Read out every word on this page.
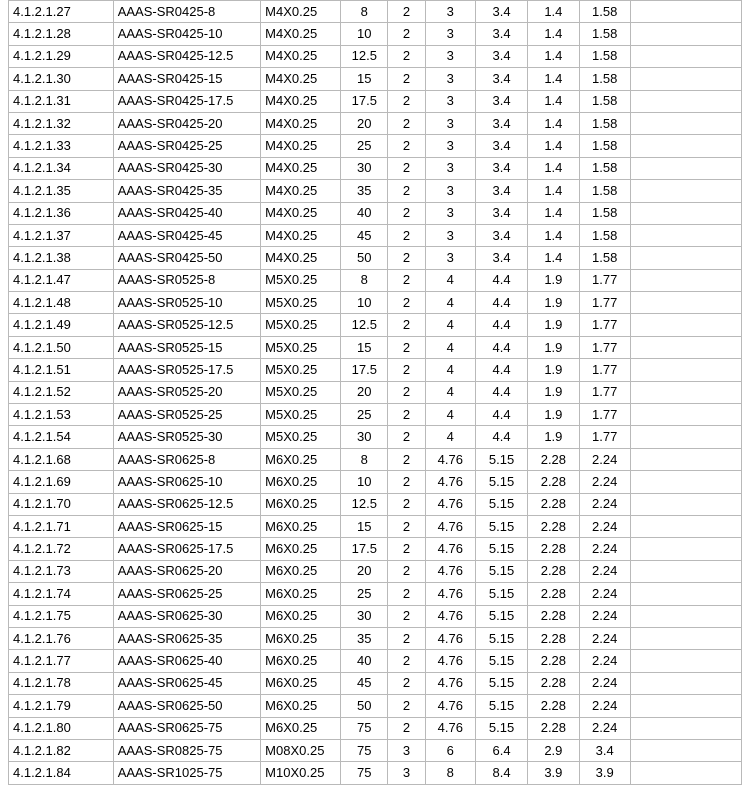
4.1.2.1.27	AAAS-SR0425-8	M4X0.25	8	2	3	3.4	1.4	1.58	
4.1.2.1.28	AAAS-SR0425-10	M4X0.25	10	2	3	3.4	1.4	1.58	
4.1.2.1.29	AAAS-SR0425-12.5	M4X0.25	12.5	2	3	3.4	1.4	1.58	
4.1.2.1.30	AAAS-SR0425-15	M4X0.25	15	2	3	3.4	1.4	1.58	
4.1.2.1.31	AAAS-SR0425-17.5	M4X0.25	17.5	2	3	3.4	1.4	1.58	
4.1.2.1.32	AAAS-SR0425-20	M4X0.25	20	2	3	3.4	1.4	1.58	
4.1.2.1.33	AAAS-SR0425-25	M4X0.25	25	2	3	3.4	1.4	1.58	
4.1.2.1.34	AAAS-SR0425-30	M4X0.25	30	2	3	3.4	1.4	1.58	
4.1.2.1.35	AAAS-SR0425-35	M4X0.25	35	2	3	3.4	1.4	1.58	
4.1.2.1.36	AAAS-SR0425-40	M4X0.25	40	2	3	3.4	1.4	1.58	
4.1.2.1.37	AAAS-SR0425-45	M4X0.25	45	2	3	3.4	1.4	1.58	
4.1.2.1.38	AAAS-SR0425-50	M4X0.25	50	2	3	3.4	1.4	1.58	
4.1.2.1.47	AAAS-SR0525-8	M5X0.25	8	2	4	4.4	1.9	1.77	
4.1.2.1.48	AAAS-SR0525-10	M5X0.25	10	2	4	4.4	1.9	1.77	
4.1.2.1.49	AAAS-SR0525-12.5	M5X0.25	12.5	2	4	4.4	1.9	1.77	
4.1.2.1.50	AAAS-SR0525-15	M5X0.25	15	2	4	4.4	1.9	1.77	
4.1.2.1.51	AAAS-SR0525-17.5	M5X0.25	17.5	2	4	4.4	1.9	1.77	
4.1.2.1.52	AAAS-SR0525-20	M5X0.25	20	2	4	4.4	1.9	1.77	
4.1.2.1.53	AAAS-SR0525-25	M5X0.25	25	2	4	4.4	1.9	1.77	
4.1.2.1.54	AAAS-SR0525-30	M5X0.25	30	2	4	4.4	1.9	1.77	
4.1.2.1.68	AAAS-SR0625-8	M6X0.25	8	2	4.76	5.15	2.28	2.24	
4.1.2.1.69	AAAS-SR0625-10	M6X0.25	10	2	4.76	5.15	2.28	2.24	
4.1.2.1.70	AAAS-SR0625-12.5	M6X0.25	12.5	2	4.76	5.15	2.28	2.24	
4.1.2.1.71	AAAS-SR0625-15	M6X0.25	15	2	4.76	5.15	2.28	2.24	
4.1.2.1.72	AAAS-SR0625-17.5	M6X0.25	17.5	2	4.76	5.15	2.28	2.24	
4.1.2.1.73	AAAS-SR0625-20	M6X0.25	20	2	4.76	5.15	2.28	2.24	
4.1.2.1.74	AAAS-SR0625-25	M6X0.25	25	2	4.76	5.15	2.28	2.24	
4.1.2.1.75	AAAS-SR0625-30	M6X0.25	30	2	4.76	5.15	2.28	2.24	
4.1.2.1.76	AAAS-SR0625-35	M6X0.25	35	2	4.76	5.15	2.28	2.24	
4.1.2.1.77	AAAS-SR0625-40	M6X0.25	40	2	4.76	5.15	2.28	2.24	
4.1.2.1.78	AAAS-SR0625-45	M6X0.25	45	2	4.76	5.15	2.28	2.24	
4.1.2.1.79	AAAS-SR0625-50	M6X0.25	50	2	4.76	5.15	2.28	2.24	
4.1.2.1.80	AAAS-SR0625-75	M6X0.25	75	2	4.76	5.15	2.28	2.24	
4.1.2.1.82	AAAS-SR0825-75	M08X0.25	75	3	6	6.4	2.9	3.4	
4.1.2.1.84	AAAS-SR1025-75	M10X0.25	75	3	8	8.4	3.9	3.9	
